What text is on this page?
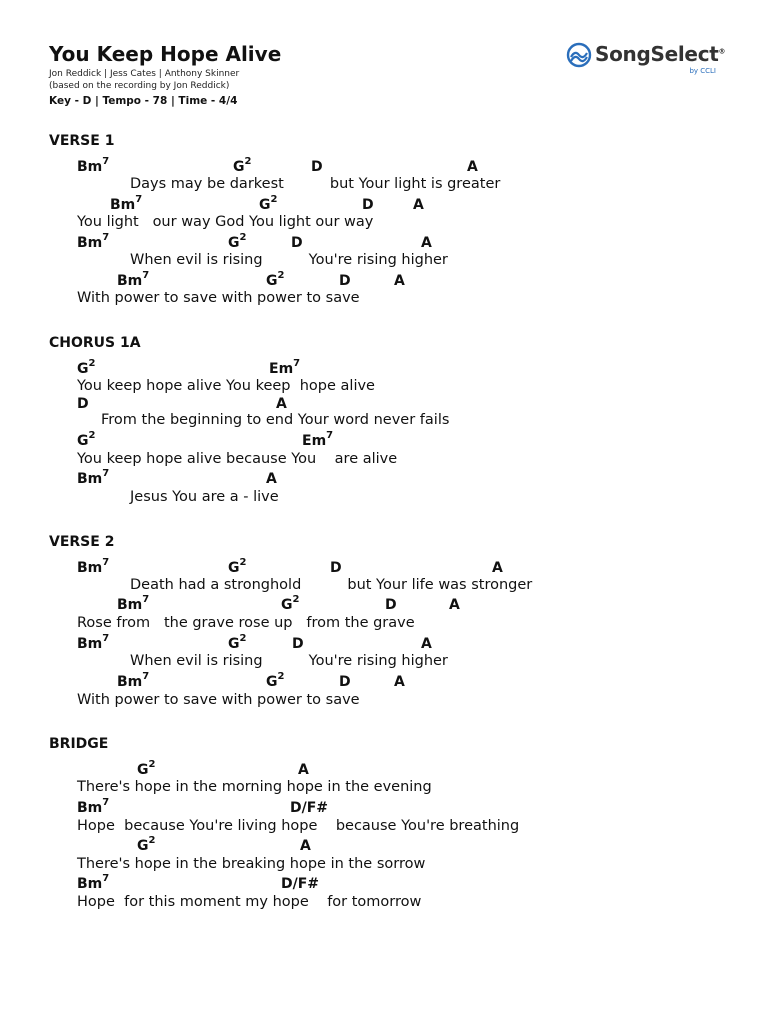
You Keep Hope Alive
Jon Reddick | Jess Cates | Anthony Skinner
(based on the recording by Jon Reddick)
Key - D | Tempo - 78 | Time - 4/4
SongSelect®
by CCLI
VERSE 1
Bm$^7$	$G^2$	D	A
Days may be darkest          but Your light is greater
Bm$^7$	$G^2$	D	A
You light   our way God You light our way
Bm$^7$	$G^2$	D	A
When evil is rising          You're rising higher
Bm$^7$	$G^2$	D	A
With power to save with power to save
CHORUS 1A
$G^2$	Em$^7$
You keep hope alive You keep  hope alive
D	A
From the beginning to end Your word never fails
$G^2$	Em$^7$
You keep hope alive because You    are alive
Bm$^7$	A
Jesus You are a - live
VERSE 2
Bm$^7$	$G^2$	D	A
Death had a stronghold          but Your life was stronger
Bm$^7$	$G^2$	D	A
Rose from   the grave rose up   from the grave
Bm$^7$	$G^2$	D	A
When evil is rising          You're rising higher
Bm$^7$	$G^2$	D	A
With power to save with power to save
BRIDGE
$G^2$	A
There's hope in the morning hope in the evening
Bm$^7$	D/F#
Hope  because You're living hope    because You're breathing
$G^2$	A
There's hope in the breaking hope in the sorrow
Bm$^7$	D/F#
Hope  for this moment my hope    for tomorrow
